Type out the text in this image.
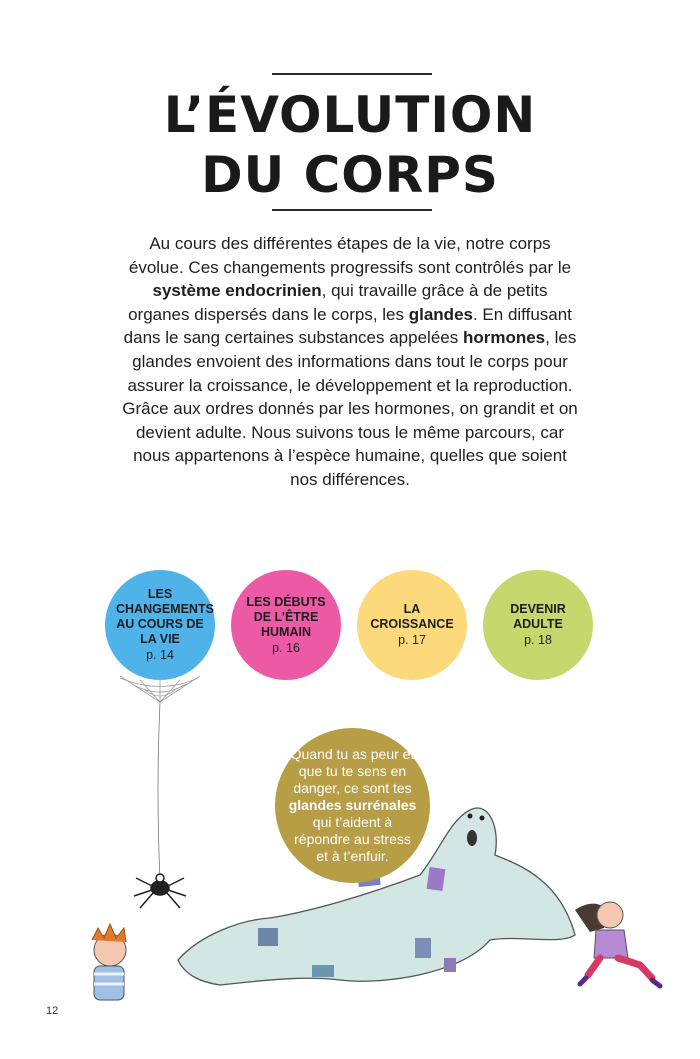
L’ÉVOLUTION
DU CORPS

Au cours des différentes étapes de la vie, notre corps évolue. Ces changements progressifs sont contrôlés par le système endocrinien, qui travaille grâce à de petits organes dispersés dans le corps, les glandes. En diffusant dans le sang certaines substances appelées hormones, les glandes envoient des informations dans tout le corps pour assurer la croissance, le développement et la reproduction. Grâce aux ordres donnés par les hormones, on grandit et on devient adulte. Nous suivons tous le même parcours, car nous appartenons à l’espèce humaine, quelles que soient nos différences.

LES CHANGEMENTS AU COURS DE LA VIE
p. 14
LES DÉBUTS DE L’ÊTRE HUMAIN
p. 16
LA CROISSANCE
p. 17
DEVENIR ADULTE
p. 18
Quand tu as peur et que tu te sens en danger, ce sont tes glandes surrénales qui t’aident à répondre au stress et à t’enfuir.
12
